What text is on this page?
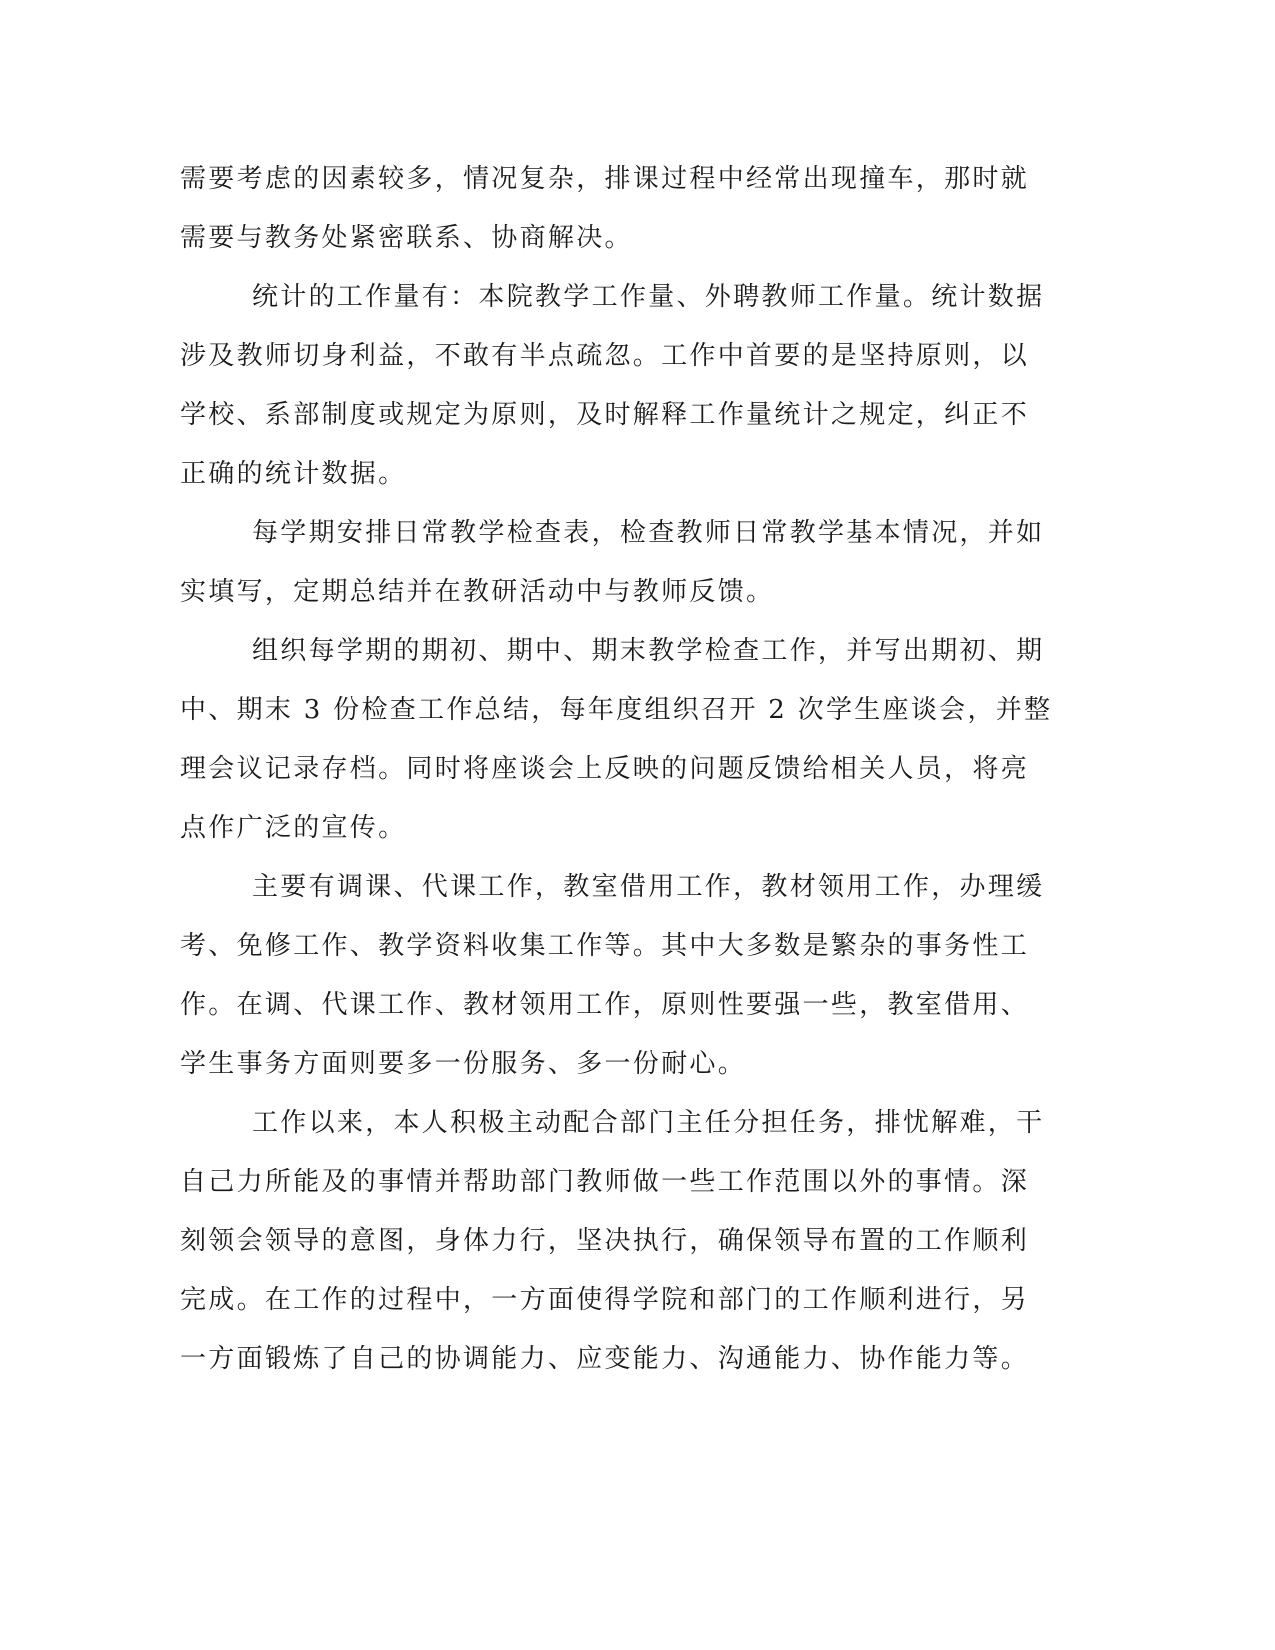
需要考虑的因素较多，情况复杂，排课过程中经常出现撞车，那时就
需要与教务处紧密联系、协商解决。
统计的工作量有：本院教学工作量、外聘教师工作量。统计数据
涉及教师切身利益，不敢有半点疏忽。工作中首要的是坚持原则，以
学校、系部制度或规定为原则，及时解释工作量统计之规定，纠正不
正确的统计数据。
每学期安排日常教学检查表，检查教师日常教学基本情况，并如
实填写，定期总结并在教研活动中与教师反馈。
组织每学期的期初、期中、期末教学检查工作，并写出期初、期
中、期末 3 份检查工作总结，每年度组织召开 2 次学生座谈会，并整
理会议记录存档。同时将座谈会上反映的问题反馈给相关人员，将亮
点作广泛的宣传。
主要有调课、代课工作，教室借用工作，教材领用工作，办理缓
考、免修工作、教学资料收集工作等。其中大多数是繁杂的事务性工
作。在调、代课工作、教材领用工作，原则性要强一些，教室借用、
学生事务方面则要多一份服务、多一份耐心。
工作以来，本人积极主动配合部门主任分担任务，排忧解难，干
自己力所能及的事情并帮助部门教师做一些工作范围以外的事情。深
刻领会领导的意图，身体力行，坚决执行，确保领导布置的工作顺利
完成。在工作的过程中，一方面使得学院和部门的工作顺利进行，另
一方面锻炼了自己的协调能力、应变能力、沟通能力、协作能力等。
